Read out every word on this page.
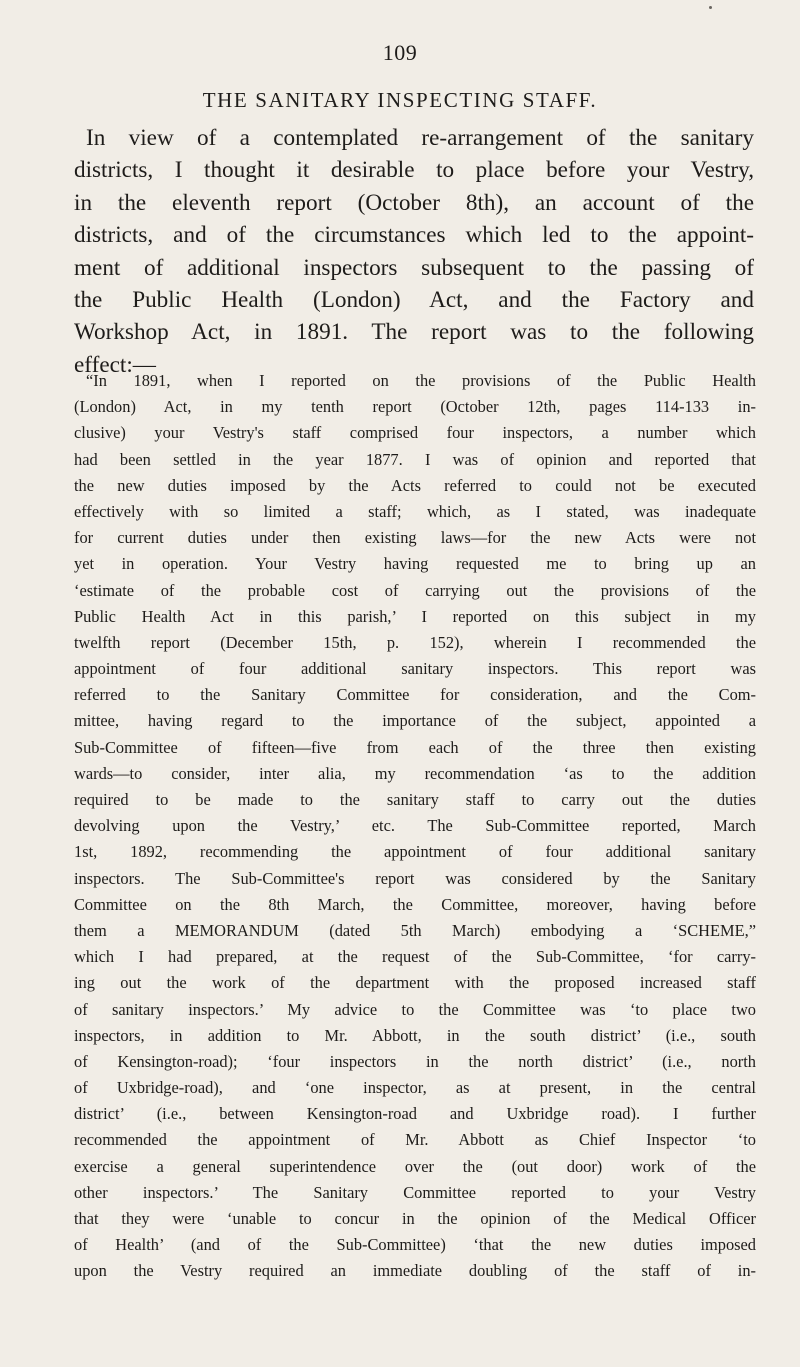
109
THE SANITARY INSPECTING STAFF.
In view of a contemplated re-arrangement of the sanitary
districts, I thought it desirable to place before your Vestry,
in the eleventh report (October 8th), an account of the
districts, and of the circumstances which led to the appoint-
ment of additional inspectors subsequent to the passing of
the Public Health (London) Act, and the Factory and
Workshop Act, in 1891. The report was to the following
effect:—
“In 1891, when I reported on the provisions of the Public Health
(London) Act, in my tenth report (October 12th, pages 114-133 in-
clusive) your Vestry's staff comprised four inspectors, a number which
had been settled in the year 1877. I was of opinion and reported that
the new duties imposed by the Acts referred to could not be executed
effectively with so limited a staff; which, as I stated, was inadequate
for current duties under then existing laws—for the new Acts were not
yet in operation. Your Vestry having requested me to bring up an
‘estimate of the probable cost of carrying out the provisions of the
Public Health Act in this parish,’ I reported on this subject in my
twelfth report (December 15th, p. 152), wherein I recommended the
appointment of four additional sanitary inspectors. This report was
referred to the Sanitary Committee for consideration, and the Com-
mittee, having regard to the importance of the subject, appointed a
Sub-Committee of fifteen—five from each of the three then existing
wards—to consider, inter alia, my recommendation ‘as to the addition
required to be made to the sanitary staff to carry out the duties
devolving upon the Vestry,’ etc. The Sub-Committee reported, March
1st, 1892, recommending the appointment of four additional sanitary
inspectors. The Sub-Committee's report was considered by the Sanitary
Committee on the 8th March, the Committee, moreover, having before
them a MEMORANDUM (dated 5th March) embodying a ‘SCHEME,”
which I had prepared, at the request of the Sub-Committee, ‘for carry-
ing out the work of the department with the proposed increased staff
of sanitary inspectors.’ My advice to the Committee was ‘to place two
inspectors, in addition to Mr. Abbott, in the south district’ (i.e., south
of Kensington-road); ‘four inspectors in the north district’ (i.e., north
of Uxbridge-road), and ‘one inspector, as at present, in the central
district’ (i.e., between Kensington-road and Uxbridge road). I further
recommended the appointment of Mr. Abbott as Chief Inspector ‘to
exercise a general superintendence over the (out door) work of the
other inspectors.’ The Sanitary Committee reported to your Vestry
that they were ‘unable to concur in the opinion of the Medical Officer
of Health’ (and of the Sub-Committee) ‘that the new duties imposed
upon the Vestry required an immediate doubling of the staff of in-
